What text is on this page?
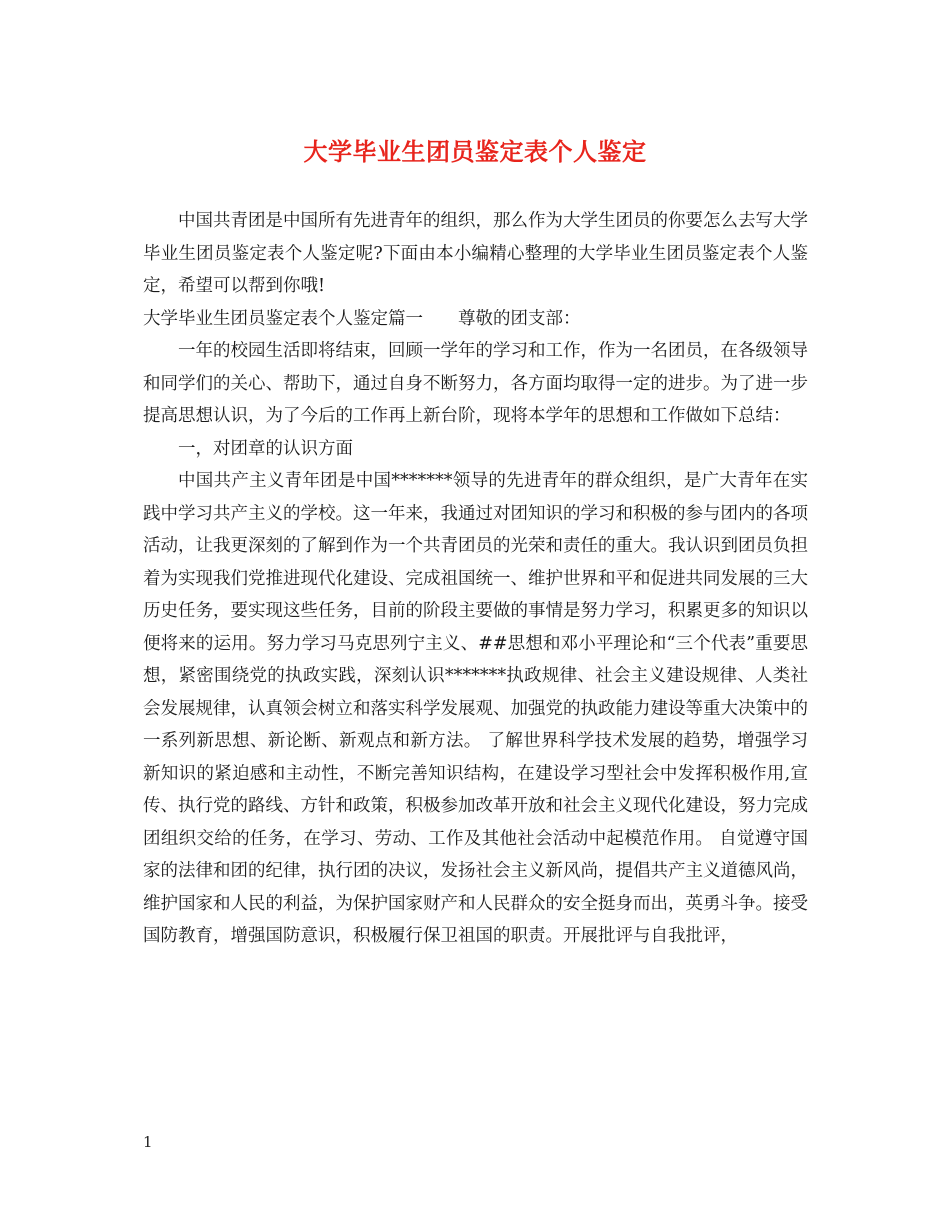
大学毕业生团员鉴定表个人鉴定

中国共青团是中国所有先进青年的组织，那么作为大学生团员的你要怎么去写大学毕业生团员鉴定表个人鉴定呢?下面由本小编精心整理的大学毕业生团员鉴定表个人鉴定，希望可以帮到你哦!

大学毕业生团员鉴定表个人鉴定篇一　　尊敬的团支部：

一年的校园生活即将结束，回顾一学年的学习和工作，作为一名团员，在各级领导和同学们的关心、帮助下，通过自身不断努力，各方面均取得一定的进步。为了进一步提高思想认识，为了今后的工作再上新台阶，现将本学年的思想和工作做如下总结：

一，对团章的认识方面

中国共产主义青年团是中国*******领导的先进青年的群众组织，是广大青年在实践中学习共产主义的学校。这一年来，我通过对团知识的学习和积极的参与团内的各项活动，让我更深刻的了解到作为一个共青团员的光荣和责任的重大。我认识到团员负担着为实现我们党推进现代化建设、完成祖国统一、维护世界和平和促进共同发展的三大历史任务，要实现这些任务，目前的阶段主要做的事情是努力学习，积累更多的知识以便将来的运用。努力学习马克思列宁主义、##思想和邓小平理论和“三个代表”重要思想，紧密围绕党的执政实践，深刻认识*******执政规律、社会主义建设规律、人类社会发展规律，认真领会树立和落实科学发展观、加强党的执政能力建设等重大决策中的一系列新思想、新论断、新观点和新方法。 了解世界科学技术发展的趋势，增强学习新知识的紧迫感和主动性，不断完善知识结构，在建设学习型社会中发挥积极作用,宣传、执行党的路线、方针和政策，积极参加改革开放和社会主义现代化建设，努力完成团组织交给的任务，在学习、劳动、工作及其他社会活动中起模范作用。 自觉遵守国家的法律和团的纪律，执行团的决议，发扬社会主义新风尚，提倡共产主义道德风尚，维护国家和人民的利益，为保护国家财产和人民群众的安全挺身而出，英勇斗争。接受国防教育，增强国防意识，积极履行保卫祖国的职责。开展批评与自我批评，

1
